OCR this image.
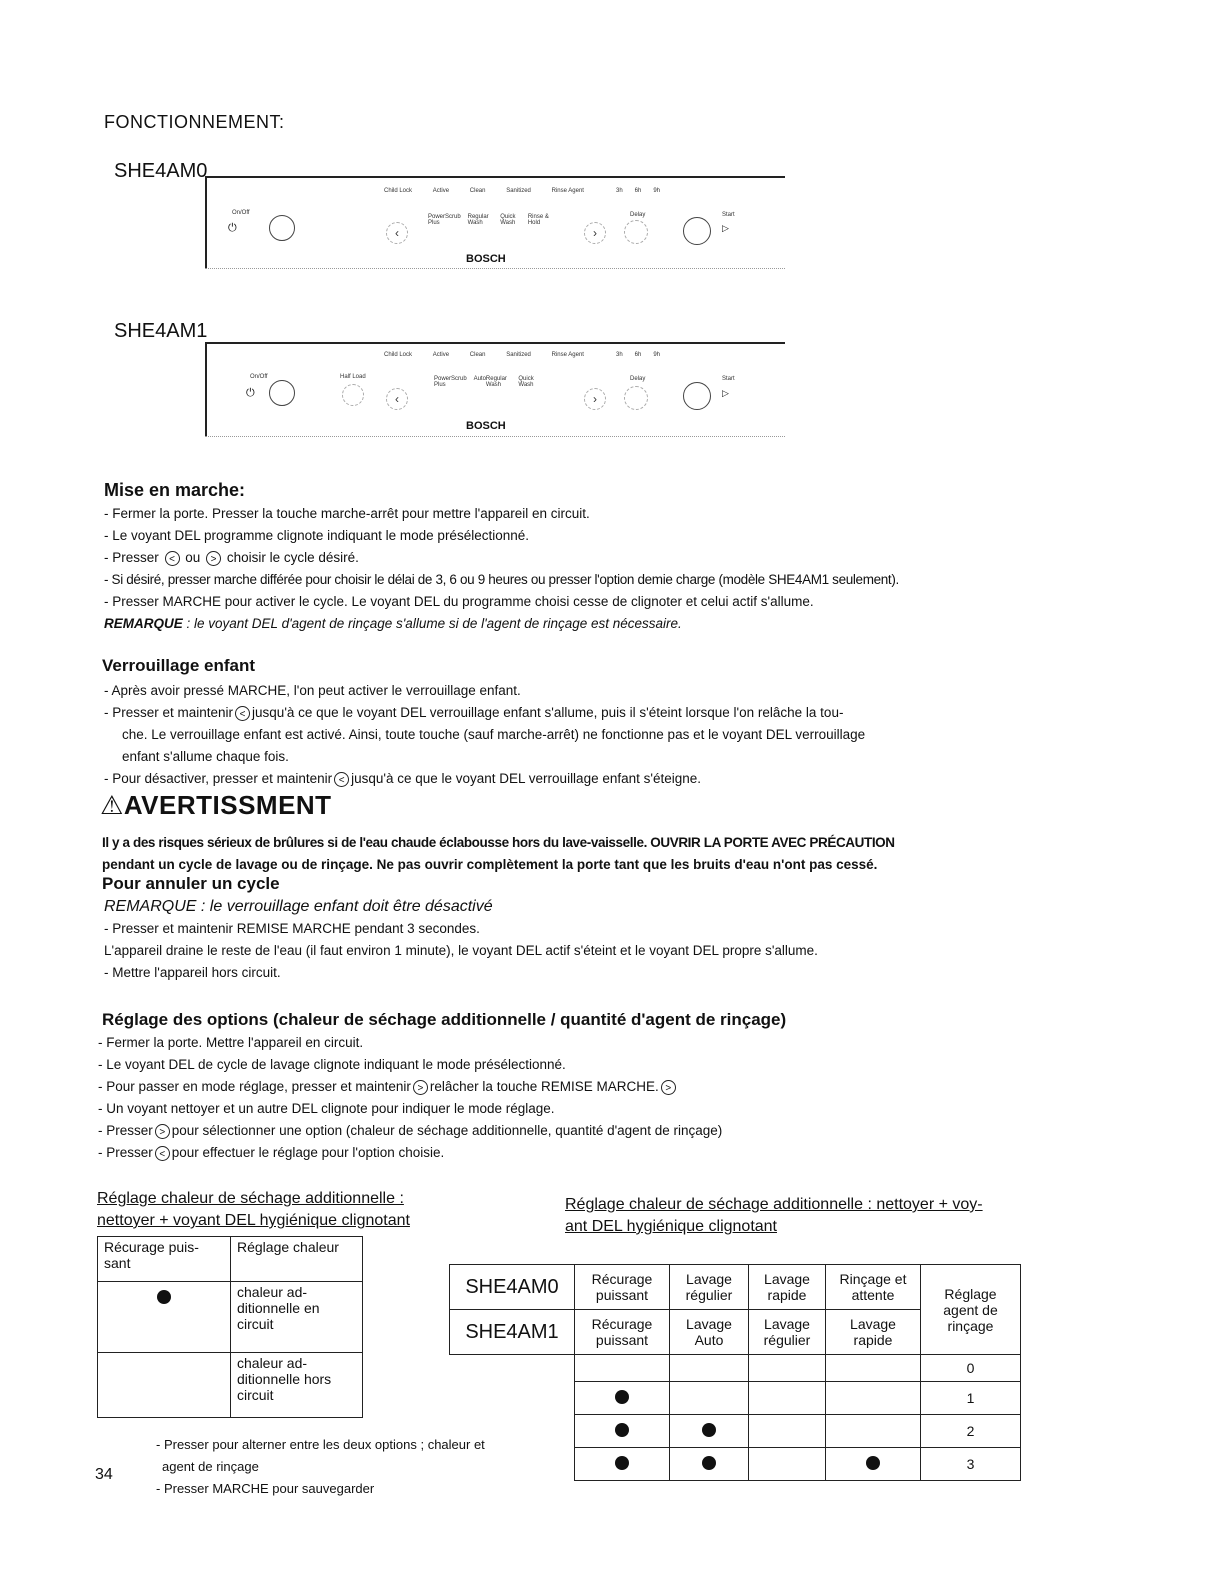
FONCTIONNEMENT:
SHE4AM0
On/Off
⏻
Child Lock	Active	Clean	Sanitized	Rinse Agent	3h 6h 9h
‹
PowerScrub Plus
Regular Wash
Quick Wash
Rinse & Hold
›
Delay	Start
▷
BOSCH
SHE4AM1
On/Off
⏻
Half Load
Child Lock	Active	Clean	Sanitized	Rinse Agent	3h 6h 9h
‹
PowerScrub Plus
Auto Regular Wash
Quick Wash
›
Delay	Start
▷
BOSCH
Mise en marche:
- Fermer la porte. Presser la touche marche-arrêt pour mettre l'appareil en circuit.
- Le voyant DEL programme clignote indiquant le mode présélectionné.
- Presser < ou > choisir le cycle désiré.
- Si désiré, presser marche différée pour choisir le délai de 3, 6 ou 9 heures ou presser l'option demie charge (modèle SHE4AM1 seulement).
- Presser MARCHE pour activer le cycle. Le voyant DEL du programme choisi cesse de clignoter et celui actif s'allume.
REMARQUE : le voyant DEL d'agent de rinçage s'allume si de l'agent de rinçage est nécessaire.
Verrouillage enfant
- Après avoir pressé MARCHE, l'on peut activer le verrouillage enfant.
- Presser et maintenir < jusqu'à ce que le voyant DEL verrouillage enfant s'allume, puis il s'éteint lorsque l'on relâche la tou-
che. Le verrouillage enfant est activé. Ainsi, toute touche (sauf marche-arrêt) ne fonctionne pas et le voyant DEL verrouillage
enfant s'allume chaque fois.
- Pour désactiver, presser et maintenir < jusqu'à ce que le voyant DEL verrouillage enfant s'éteigne.
⚠AVERTISSMENT
Il y a des risques sérieux de brûlures si de l'eau chaude éclabousse hors du lave-vaisselle. OUVRIR LA PORTE AVEC PRÉCAUTION
pendant un cycle de lavage ou de rinçage. Ne pas ouvrir complètement la porte tant que les bruits d'eau n'ont pas cessé.
Pour annuler un cycle
REMARQUE : le verrouillage enfant doit être désactivé
- Presser et maintenir REMISE MARCHE pendant 3 secondes.
L'appareil draine le reste de l'eau (il faut environ 1 minute), le voyant DEL actif s'éteint et le voyant DEL propre s'allume.
- Mettre l'appareil hors circuit.
Réglage des options (chaleur de séchage additionnelle / quantité d'agent de rinçage)
- Fermer la porte. Mettre l'appareil en circuit.
- Le voyant DEL de cycle de lavage clignote indiquant le mode présélectionné.
- Pour passer en mode réglage, presser et maintenir > relâcher la touche REMISE MARCHE. >
- Un voyant nettoyer et un autre DEL clignote pour indiquer le mode réglage.
- Presser > pour sélectionner une option (chaleur de séchage additionnelle, quantité d'agent de rinçage)
- Presser < pour effectuer le réglage pour l'option choisie.
Réglage chaleur de séchage additionnelle :
nettoyer + voyant DEL hygiénique clignotant
Récurage puis-sant	Réglage chaleur
	chaleur ad-ditionnelle en circuit
	chaleur ad-ditionnelle hors circuit
- Presser pour alterner entre les deux options ; chaleur et
agent de rinçage
- Presser MARCHE pour sauvegarder
34
Réglage chaleur de séchage additionnelle : nettoyer + voy-
ant DEL hygiénique clignotant
SHE4AM0	Récurage puissant	Lavage régulier	Lavage rapide	Rinçage et attente	Réglage agent de rinçage
SHE4AM1	Récurage puissant	Lavage Auto	Lavage régulier	Lavage rapide	
					0
					1
					2
					3
